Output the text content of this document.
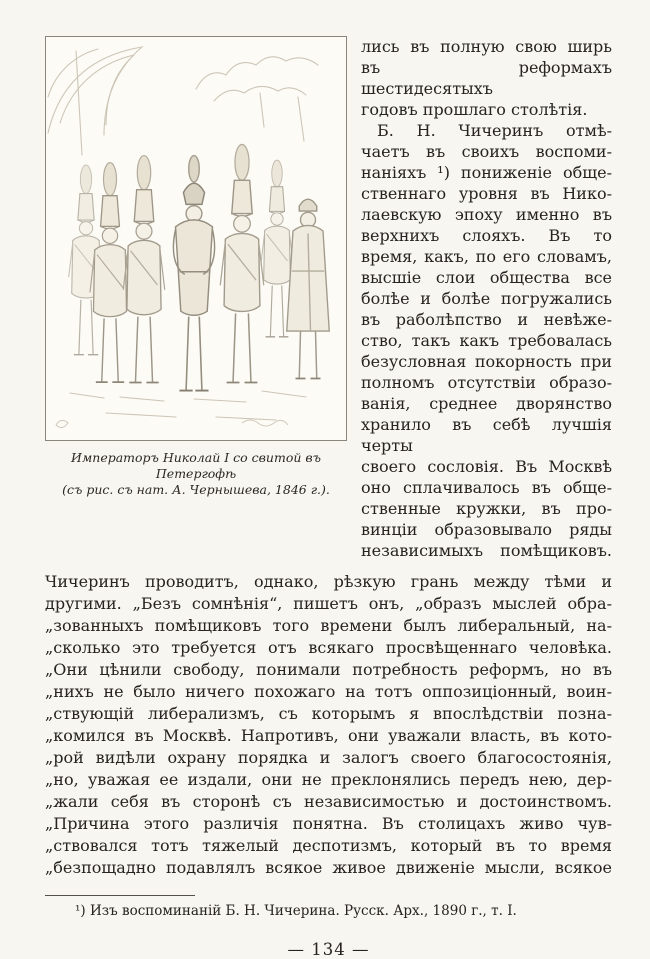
Императоръ Николай I со свитой въ Петергофѣ
(съ рис. съ нат. А. Чернышева, 1846 г.).
лись въ полную свою ширь
въ реформахъ шестидесятыхъ
годовъ прошлаго столѣтія.
 Б. Н. Чичеринъ отмѣ-
чаетъ въ своихъ воспоми-
наніяхъ ¹) пониженіе обще-
ственнаго уровня въ Нико-
лаевскую эпоху именно въ
верхнихъ слояхъ. Въ то
время, какъ, по его словамъ,
высшіе слои общества все
болѣе и болѣе погружались
въ раболѣпство и невѣже-
ство, такъ какъ требовалась
безусловная покорность при
полномъ отсутствіи образо-
ванія, среднее дворянство
хранило въ себѣ лучшія черты
своего сословія. Въ Москвѣ
оно сплачивалось въ обще-
ственные кружки, въ про-
винціи образовывало ряды
независимыхъ помѣщиковъ.
Чичеринъ проводитъ, однако, рѣзкую грань между тѣми и
другими. „Безъ сомнѣнія“, пишетъ онъ, „образъ мыслей обра-
„зованныхъ помѣщиковъ того времени былъ либеральный, на-
„сколько это требуется отъ всякаго просвѣщеннаго человѣка.
„Они цѣнили свободу, понимали потребность реформъ, но въ
„нихъ не было ничего похожаго на тотъ оппозиціонный, воин-
„ствующій либерализмъ, съ которымъ я впослѣдствіи позна-
„комился въ Москвѣ. Напротивъ, они уважали власть, въ кото-
„рой видѣли охрану порядка и залогъ своего благосостоянія,
„но, уважая ее издали, они не преклонялись передъ нею, дер-
„жали себя въ сторонѣ съ независимостью и достоинствомъ.
„Причина этого различія понятна. Въ столицахъ живо чув-
„ствовался тотъ тяжелый деспотизмъ, который въ то время
„безпощадно подавлялъ всякое живое движеніе мысли, всякое
¹) Изъ воспоминаній Б. Н. Чичерина. Русск. Арх., 1890 г., т. I.
— 134 —
